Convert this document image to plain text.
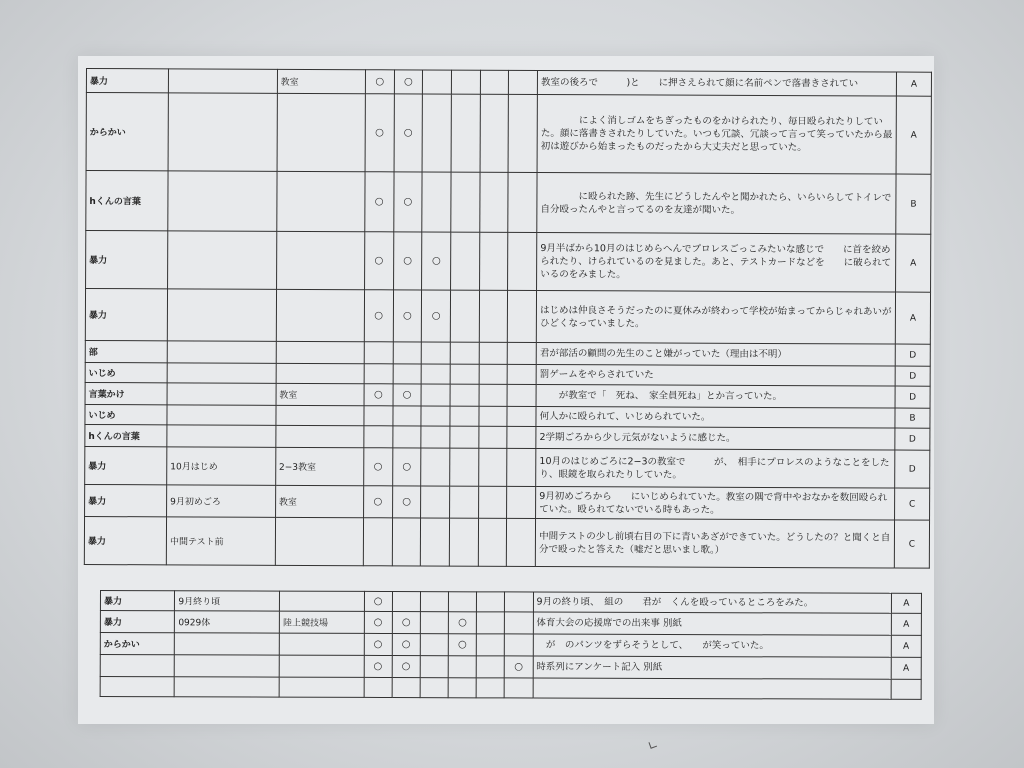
暴力		教室	○	○					教室の後ろで　　　)と　　に押さえられて顔に名前ペンで落書きされてい	A
からかい			○	○					　　　　によく消しゴムをちぎったものをかけられたり、毎日殴られたりしていた。顔に落書きされたりしていた。いつも冗談、冗談って言って笑っていたから最初は遊びから始まったものだったから大丈夫だと思っていた。	A
hくんの言葉			○	○					　　　　に殴られた跡、先生にどうしたんやと聞かれたら、いらいらしてトイレで自分殴ったんやと言ってるのを友達が聞いた。	B
暴力			○	○	○				9月半ばから10月のはじめらへんでプロレスごっこみたいな感じで　　に首を絞められたり、けられているのを見ました。あと、テストカードなどを　　に破られているのをみました。	A
暴力			○	○	○				はじめは仲良さそうだったのに夏休みが終わって学校が始まってからじゃれあいがひどくなっていました。	A
部									君が部活の顧問の先生のこと嫌がっていた（理由は不明）	D
いじめ									罰ゲームをやらされていた	D
言葉かけ		教室	○	○					　　が教室で「　死ね、　家全員死ね」とか言っていた。	D
いじめ									何人かに殴られて、いじめられていた。	B
hくんの言葉									2学期ごろから少し元気がないように感じた。	D
暴力	10月はじめ	2−3教室	○	○					10月のはじめごろに2−3の教室で　　　が、　相手にプロレスのようなことをしたり、眼鏡を取られたりしていた。	D
暴力	9月初めごろ	教室	○	○					9月初めごろから　　にいじめられていた。教室の隅で背中やおなかを数回殴られていた。殴られてないでいる時もあった。	C
暴力	中間テスト前								中間テストの少し前頃右目の下に青いあざができていた。どうしたの？と聞くと自分で殴ったと答えた（嘘だと思いまし歌。）	C
暴力	9月終り頃		○						9月の終り頃、　組の　　君が　くんを殴っているところをみた。	A
暴力	0929体	陸上競技場	○	○		○			体育大会の応援席での出来事 別紙	A
からかい			○	○		○			　が　のパンツをずらそうとして、　　が笑っていた。	A
			○	○				○	時系列にアンケート記入 別紙	A

∟
